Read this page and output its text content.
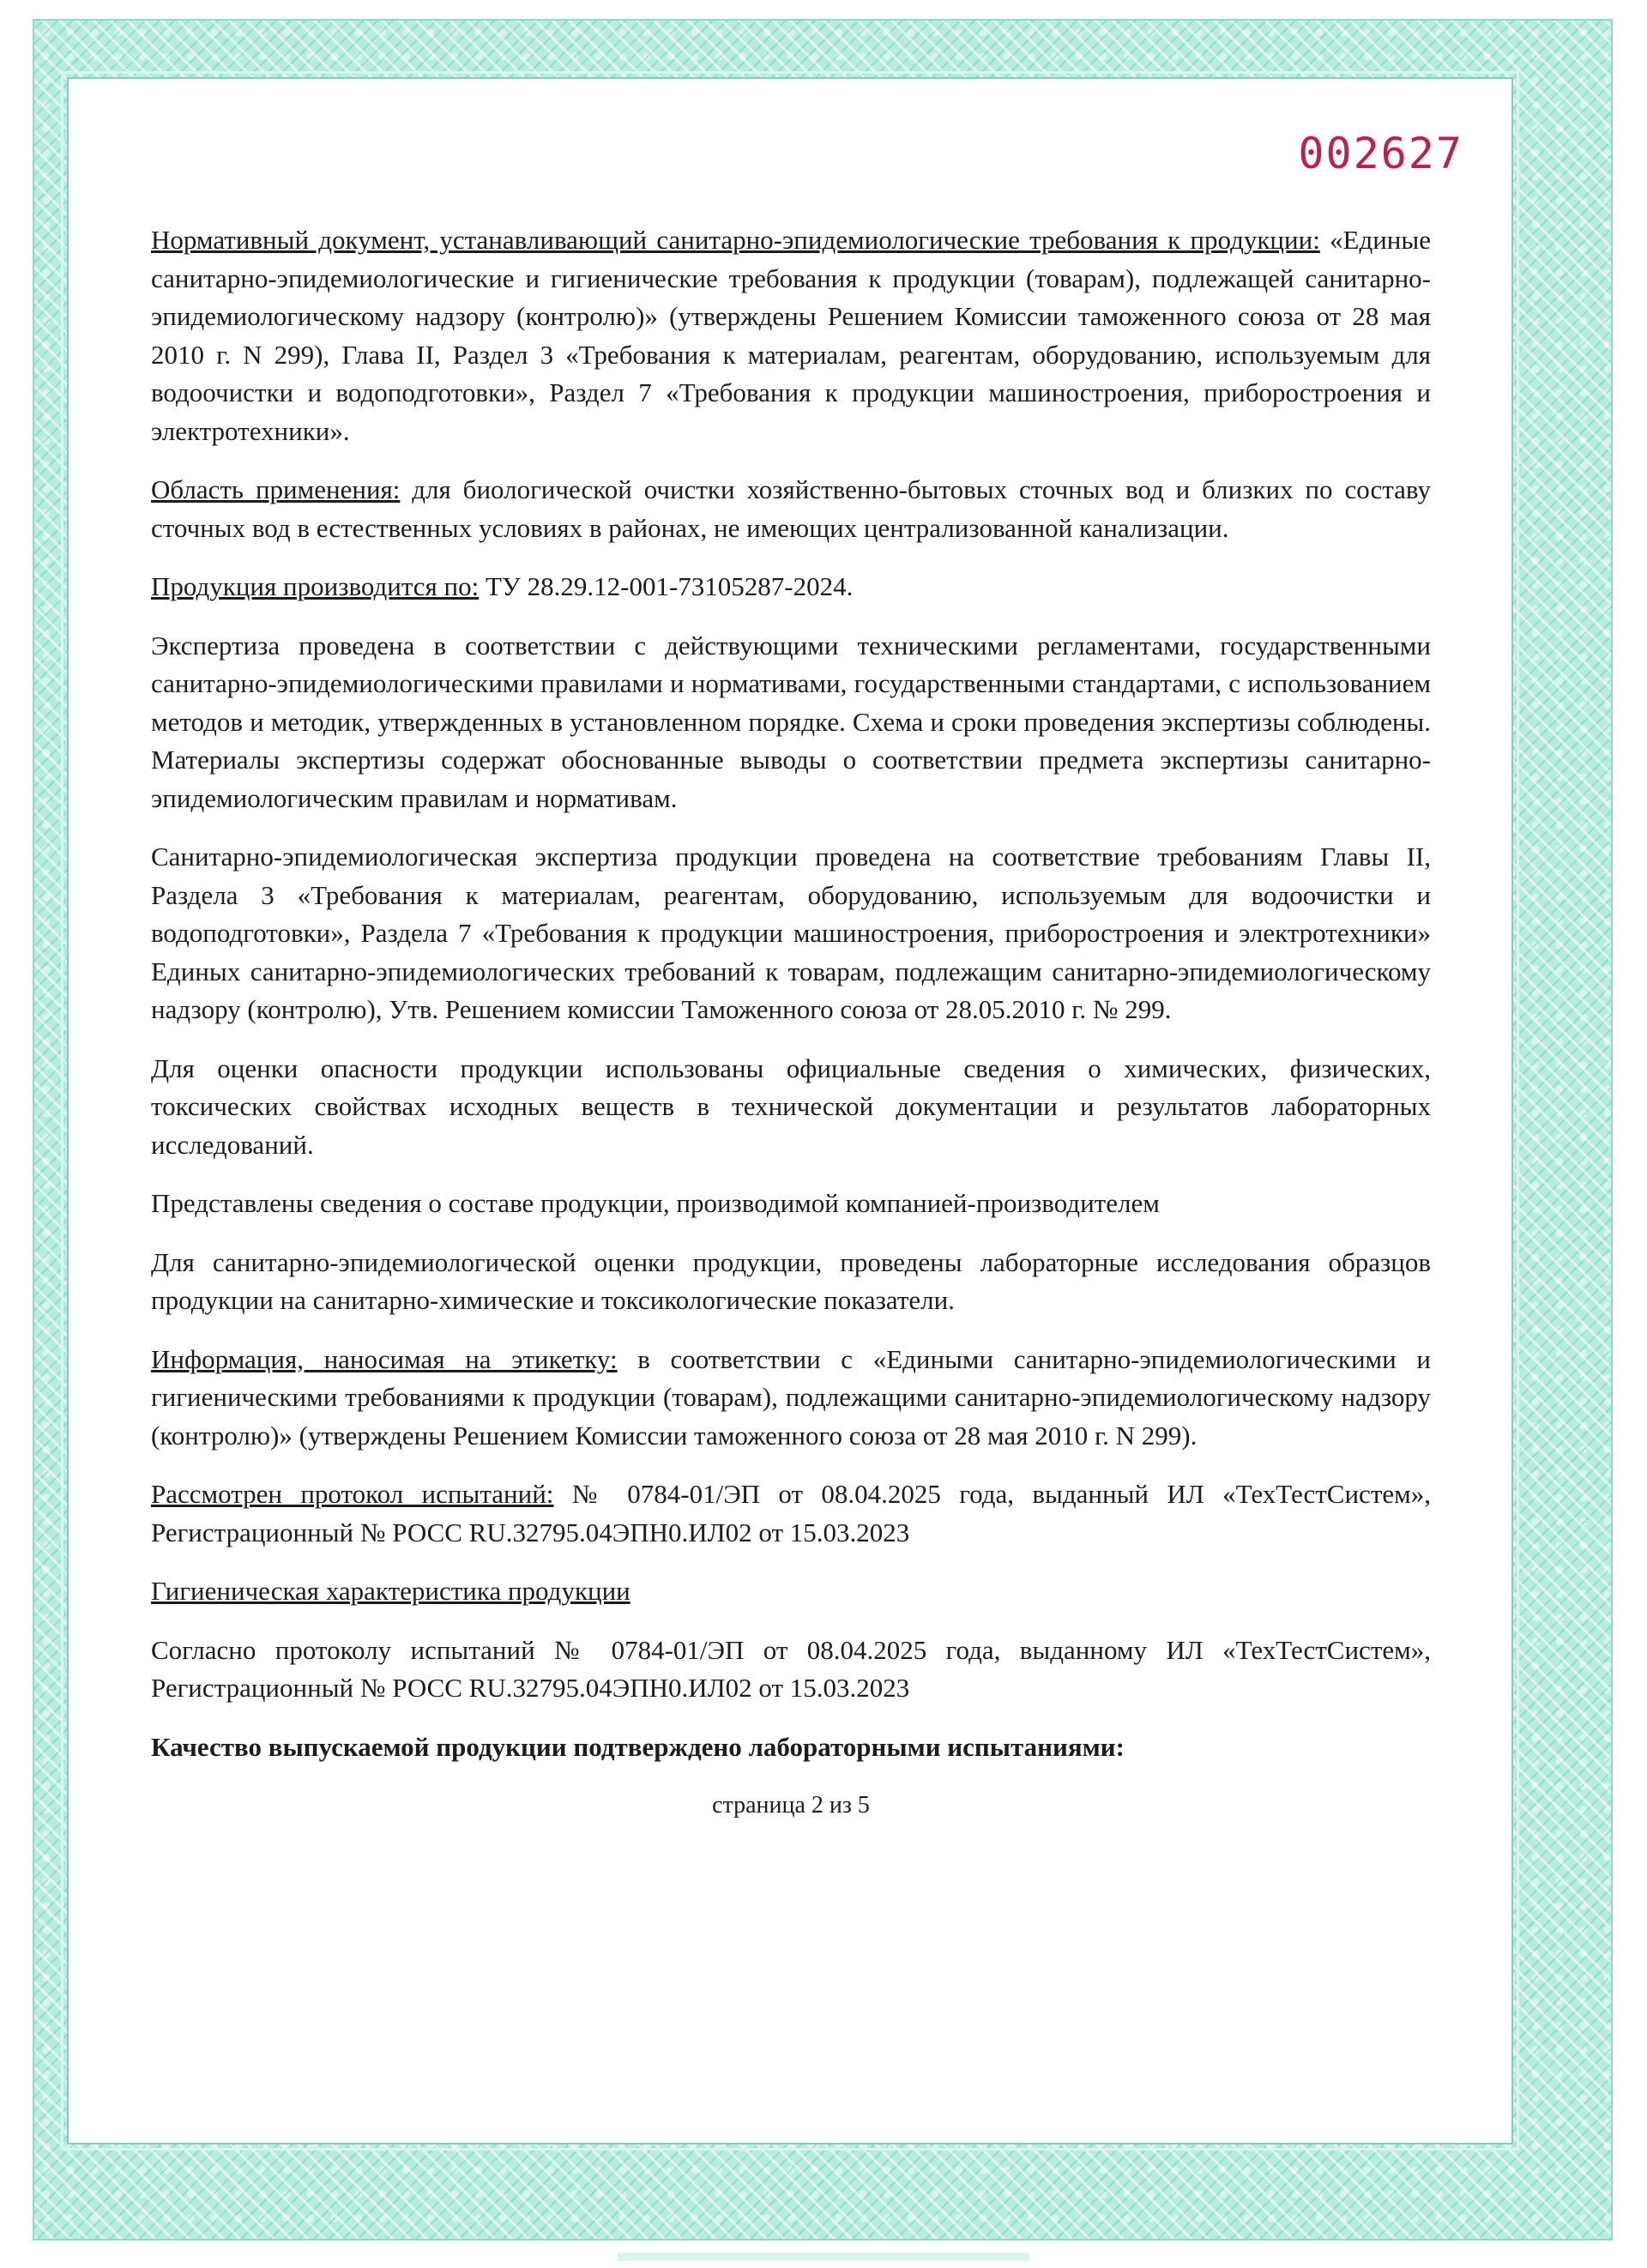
002627

Нормативный документ, устанавливающий санитарно-эпидемиологические требования к продукции: «Единые санитарно-эпидемиологические и гигиенические требования к продукции (товарам), подлежащей санитарно-эпидемиологическому надзору (контролю)» (утверждены Решением Комиссии таможенного союза от 28 мая 2010 г. N 299), Глава II, Раздел 3 «Требования к материалам, реагентам, оборудованию, используемым для водоочистки и водоподготовки», Раздел 7 «Требования к продукции машиностроения, приборостроения и электротехники».

Область применения: для биологической очистки хозяйственно-бытовых сточных вод и близких по составу сточных вод в естественных условиях в районах, не имеющих централизованной канализации.

Продукция производится по: ТУ 28.29.12-001-73105287-2024.

Экспертиза проведена в соответствии с действующими техническими регламентами, государственными санитарно-эпидемиологическими правилами и нормативами, государственными стандартами, с использованием методов и методик, утвержденных в установленном порядке. Схема и сроки проведения экспертизы соблюдены. Материалы экспертизы содержат обоснованные выводы о соответствии предмета экспертизы санитарно-эпидемиологическим правилам и нормативам.

Санитарно-эпидемиологическая экспертиза продукции проведена на соответствие требованиям Главы II, Раздела 3 «Требования к материалам, реагентам, оборудованию, используемым для водоочистки и водоподготовки», Раздела 7 «Требования к продукции машиностроения, приборостроения и электротехники» Единых санитарно-эпидемиологических требований к товарам, подлежащим санитарно-эпидемиологическому надзору (контролю), Утв. Решением комиссии Таможенного союза от 28.05.2010 г. № 299.

Для оценки опасности продукции использованы официальные сведения о химических, физических, токсических свойствах исходных веществ в технической документации и результатов лабораторных исследований.

Представлены сведения о составе продукции, производимой компанией-производителем

Для санитарно-эпидемиологической оценки продукции, проведены лабораторные исследования образцов продукции на санитарно-химические и токсикологические показатели.

Информация, наносимая на этикетку: в соответствии с «Едиными санитарно-эпидемиологическими и гигиеническими требованиями к продукции (товарам), подлежащими санитарно-эпидемиологическому надзору (контролю)» (утверждены Решением Комиссии таможенного союза от 28 мая 2010 г. N 299).

Рассмотрен протокол испытаний: № 0784-01/ЭП от 08.04.2025 года, выданный ИЛ «ТехТестСистем», Регистрационный № РОСС RU.32795.04ЭПН0.ИЛ02 от 15.03.2023

Гигиеническая характеристика продукции

Согласно протоколу испытаний № 0784-01/ЭП от 08.04.2025 года, выданному ИЛ «ТехТестСистем», Регистрационный № РОСС RU.32795.04ЭПН0.ИЛ02 от 15.03.2023

Качество выпускаемой продукции подтверждено лабораторными испытаниями:

страница 2 из 5
